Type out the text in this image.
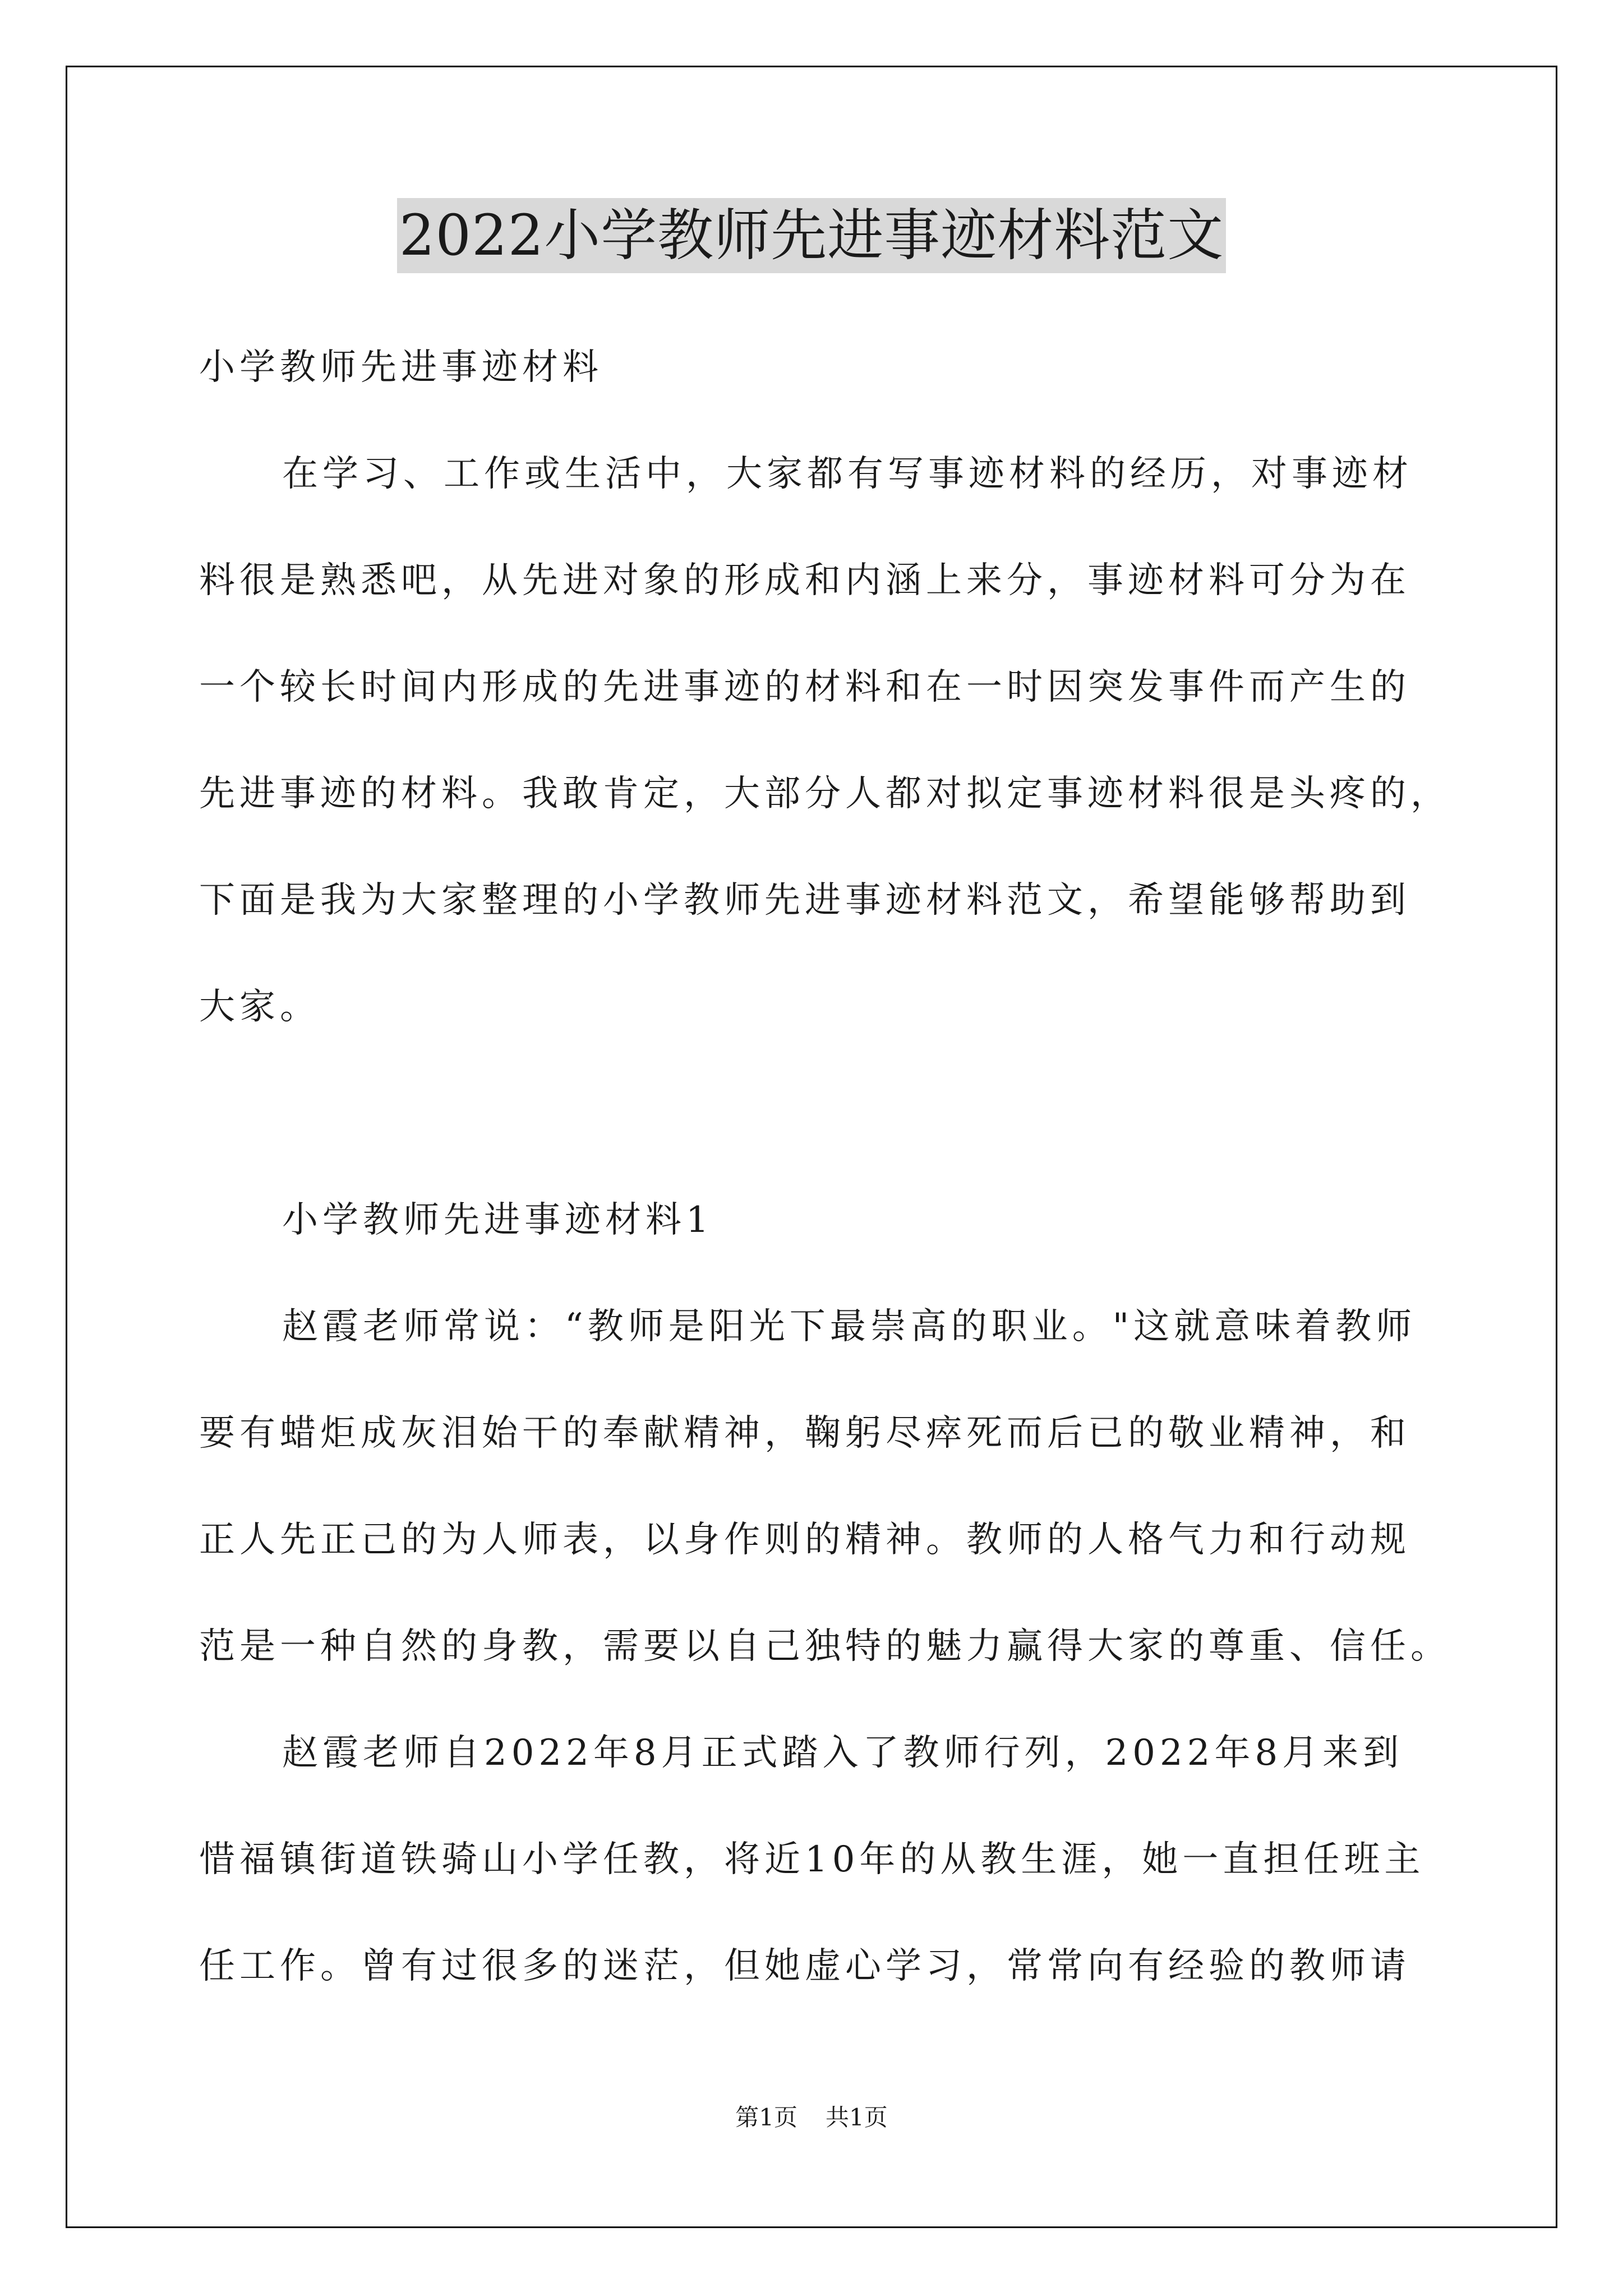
2022小学教师先进事迹材料范文
小学教师先进事迹材料
在学习、工作或生活中，大家都有写事迹材料的经历，对事迹材
料很是熟悉吧，从先进对象的形成和内涵上来分，事迹材料可分为在
一个较长时间内形成的先进事迹的材料和在一时因突发事件而产生的
先进事迹的材料。我敢肯定，大部分人都对拟定事迹材料很是头疼的，
下面是我为大家整理的小学教师先进事迹材料范文，希望能够帮助到
大家。
小学教师先进事迹材料1
赵霞老师常说：“教师是阳光下最崇高的职业。"这就意味着教师
要有蜡炬成灰泪始干的奉献精神，鞠躬尽瘁死而后已的敬业精神，和
正人先正己的为人师表，以身作则的精神。教师的人格气力和行动规
范是一种自然的身教，需要以自己独特的魅力赢得大家的尊重、信任。
赵霞老师自2022年8月正式踏入了教师行列，2022年8月来到
惜福镇街道铁骑山小学任教，将近10年的从教生涯，她一直担任班主
任工作。曾有过很多的迷茫，但她虚心学习，常常向有经验的教师请
第1页 共1页
